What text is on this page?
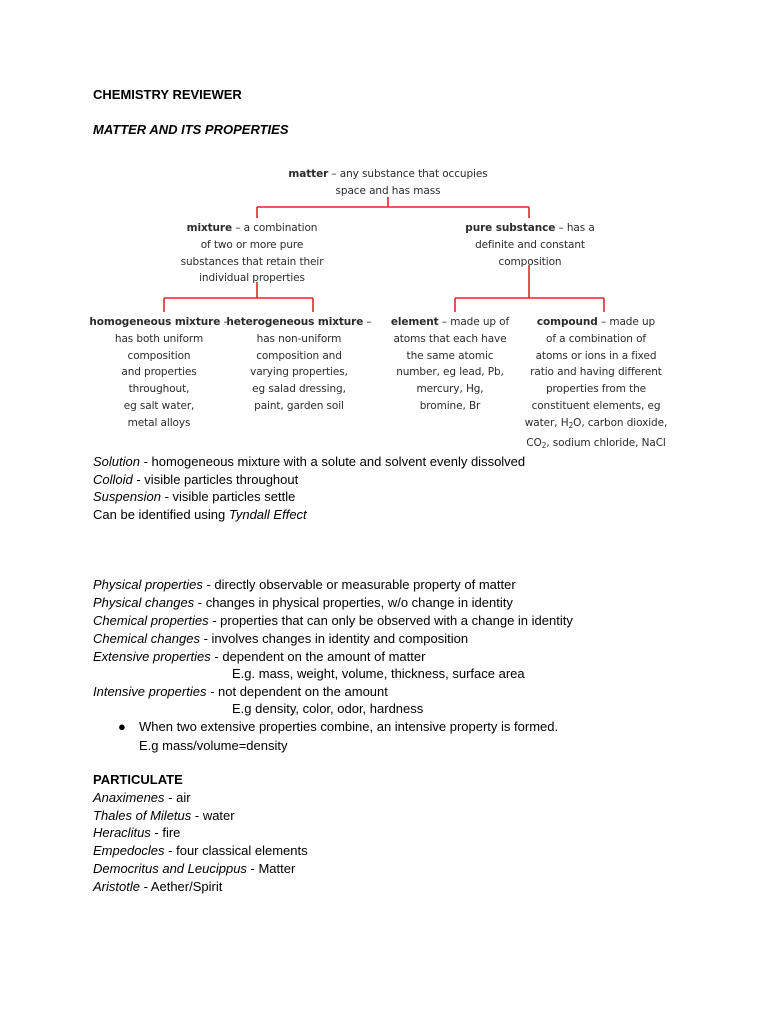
CHEMISTRY REVIEWER
MATTER AND ITS PROPERTIES
matter – any substance that occupies
space and has mass
mixture – a combination
of two or more pure
substances that retain their
individual properties
pure substance – has a
definite and constant
composition
homogeneous mixture –
has both uniform
composition
and properties
throughout,
eg salt water,
metal alloys
heterogeneous mixture –
has non-uniform
composition and
varying properties,
eg salad dressing,
paint, garden soil
element – made up of
atoms that each have
the same atomic
number, eg lead, Pb,
mercury, Hg,
bromine, Br
compound – made up
of a combination of
atoms or ions in a fixed
ratio and having different
properties from the
constituent elements, eg
water, $H_2O$, carbon dioxide,
$CO_2$, sodium chloride, NaCl
Solution - homogeneous mixture with a solute and solvent evenly dissolved
Colloid - visible particles throughout
Suspension - visible particles settle
Can be identified using Tyndall Effect
Physical properties - directly observable or measurable property of matter
Physical changes - changes in physical properties, w/o change in identity
Chemical properties - properties that can only be observed with a change in identity
Chemical changes - involves changes in identity and composition
Extensive properties - dependent on the amount of matter
E.g. mass, weight, volume, thickness, surface area
Intensive properties - not dependent on the amount
E.g density, color, odor, hardness
● When two extensive properties combine, an intensive property is formed.
E.g mass/volume=density
PARTICULATE
Anaximenes - air
Thales of Miletus - water
Heraclitus - fire
Empedocles - four classical elements
Democritus and Leucippus - Matter
Aristotle - Aether/Spirit
